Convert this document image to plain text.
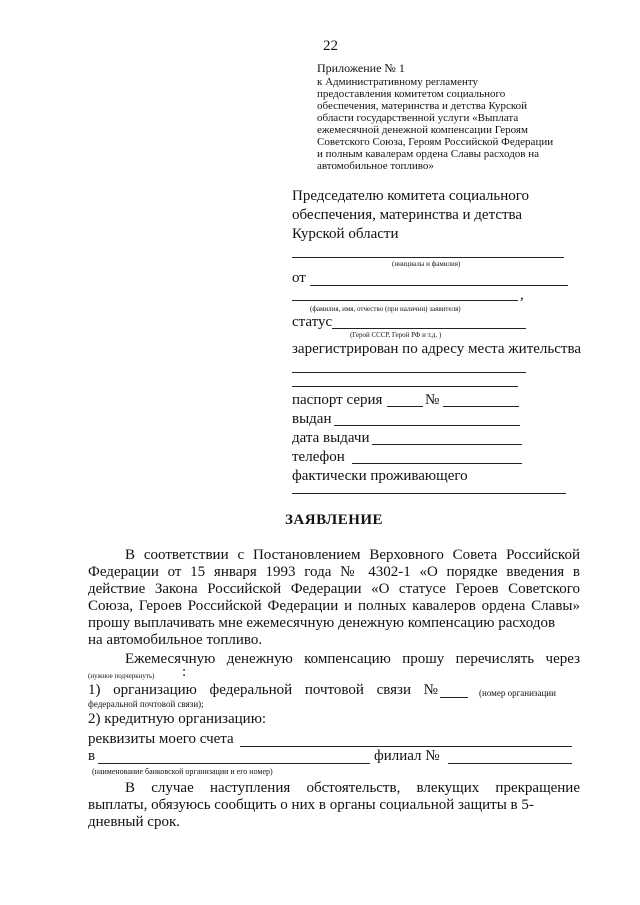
22
Приложение № 1
к Административному регламенту
предоставления комитетом социального
обеспечения, материнства и детства Курской
области государственной услуги «Выплата
ежемесячной денежной компенсации Героям
Советского Союза, Героям Российской Федерации
и полным кавалерам ордена Славы расходов на
автомобильное топливо»
Председателю комитета социального
обеспечения, материнства и детства
Курской области
(инициалы и фамилия)
от
,
(фамилия, имя, отчество (при наличии) заявителя)
статус
(Герой СССР, Герой РФ и т.д. )
зарегистрирован по адресу места жительства
паспорт серия	№
выдан
дата выдачи
телефон
фактически проживающего
ЗАЯВЛЕНИЕ
В соответствии с Постановлением Верховного Совета Российской Федерации от 15 января 1993 года № 4302-1 «О порядке введения в действие Закона Российской Федерации «О статусе Героев Советского Союза, Героев Российской Федерации и полных кавалеров ордена Славы» прошу выплачивать мне ежемесячную денежную компенсацию расходов
на автомобильное топливо.
Ежемесячную денежную компенсацию прошу перечислять через
(нужное подчеркнуть) :
1) организацию федеральной почтовой связи №	(номер организации
федеральной почтовой связи);
2) кредитную организацию:
реквизиты моего счета
в	филиал №
(наименование банковской организации и его номер)
В случае наступления обстоятельств, влекущих прекращение выплаты, обязуюсь сообщить о них в органы социальной защиты в 5-
дневный срок.
